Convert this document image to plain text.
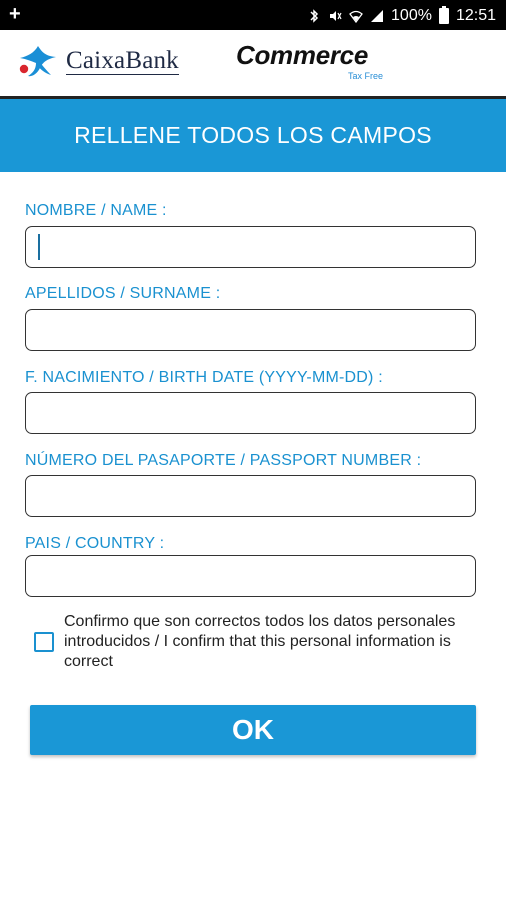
+	100% 12:51
CaixaBank Commerce
Tax Free
RELLENE TODOS LOS CAMPOS
NOMBRE / NAME :
APELLIDOS / SURNAME :
F. NACIMIENTO / BIRTH DATE (YYYY-MM-DD) :
NÚMERO DEL PASAPORTE / PASSPORT NUMBER :
PAIS / COUNTRY :
Confirmo que son correctos todos los datos personales introducidos / I confirm that this personal information is correct
OK
